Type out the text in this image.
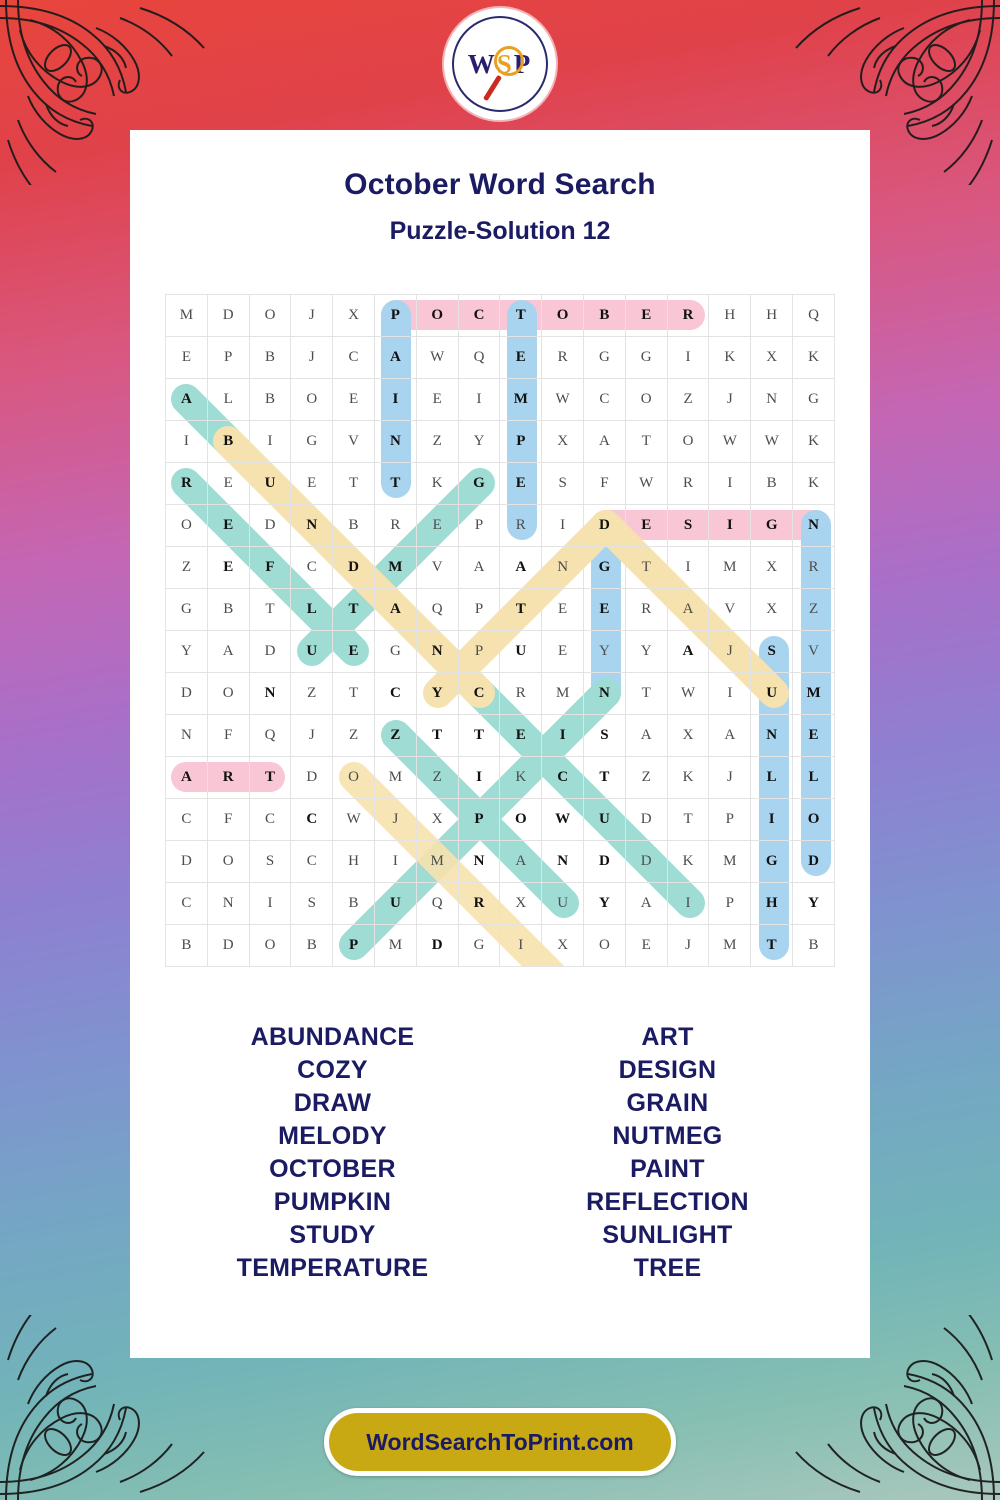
WSP
October Word Search
Puzzle-Solution 12
M	D	O	J	X	P	O	C	T	O	B	E	R	H	H	Q
E	P	B	J	C	A	W	Q	E	R	G	G	I	K	X	K
A	L	B	O	E	I	E	I	M	W	C	O	Z	J	N	G
I	B	I	G	V	N	Z	Y	P	X	A	T	O	W	W	K
R	E	U	E	T	T	K	G	E	S	F	W	R	I	B	K
O	E	D	N	B	R	E	P	R	I	D	E	S	I	G	N
Z	E	F	C	D	M	V	A	A	N	G	T	I	M	X	R
G	B	T	L	T	A	Q	P	T	E	E	R	A	V	X	Z
Y	A	D	U	E	G	N	P	U	E	Y	Y	A	J	S	V
D	O	N	Z	T	C	Y	C	R	M	N	T	W	I	U	M
N	F	Q	J	Z	Z	T	T	E	I	S	A	X	A	N	E
A	R	T	D	O	M	Z	I	K	C	T	Z	K	J	L	L
C	F	C	C	W	J	X	P	O	W	U	D	T	P	I	O
D	O	S	C	H	I	M	N	A	N	D	D	K	M	G	D
C	N	I	S	B	U	Q	R	X	U	Y	A	I	P	H	Y
B	D	O	B	P	M	D	G	I	X	O	E	J	M	T	B
ABUNDANCE
COZY
DRAW
MELODY
OCTOBER
PUMPKIN
STUDY
TEMPERATURE
ART
DESIGN
GRAIN
NUTMEG
PAINT
REFLECTION
SUNLIGHT
TREE
WordSearchToPrint.com
